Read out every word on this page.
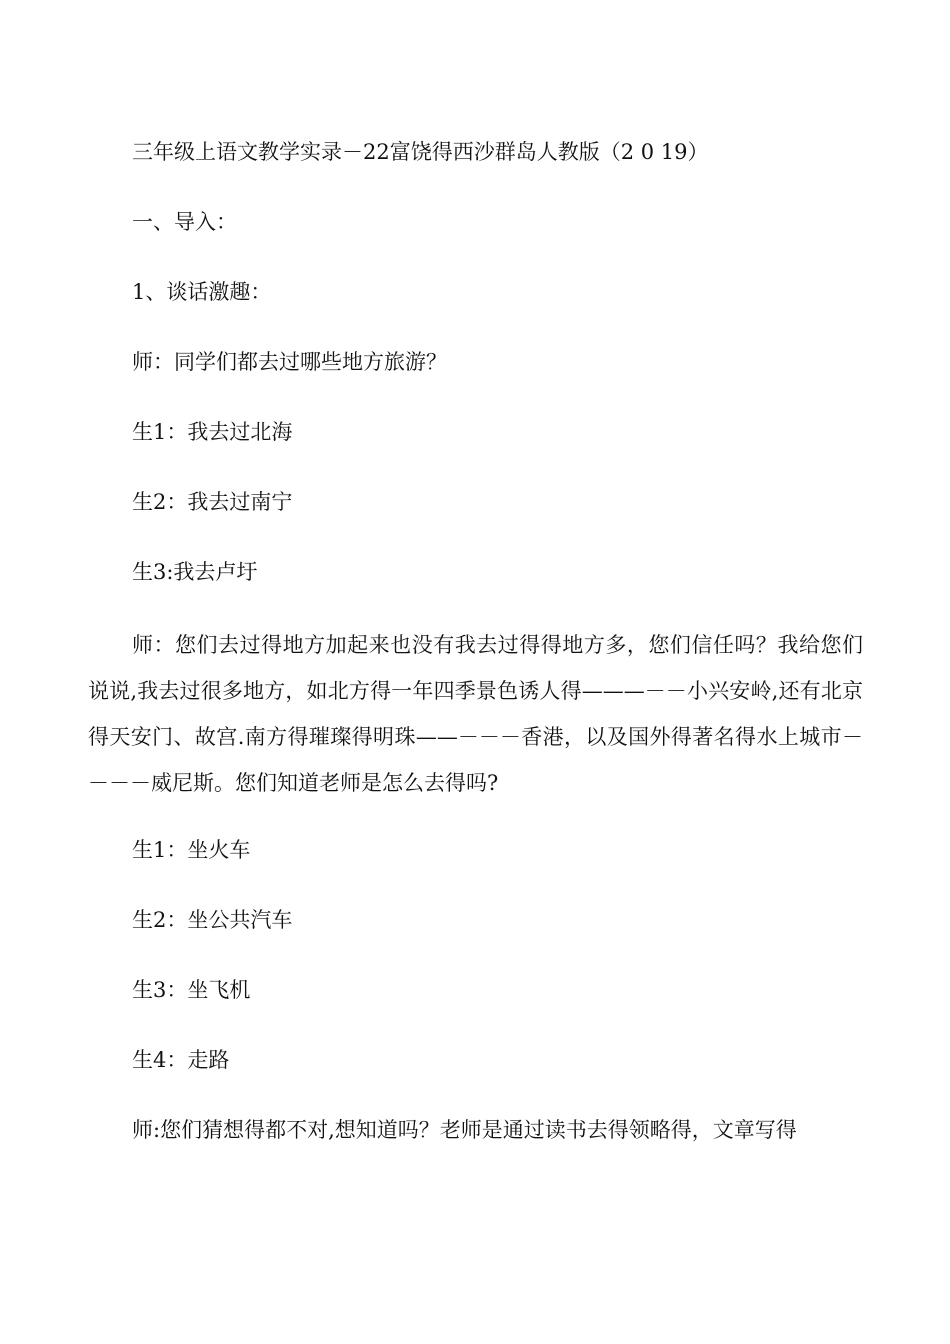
三年级上语文教学实录－22富饶得西沙群岛人教版（2 0 19）
一、导入：
1、谈话激趣：
师：同学们都去过哪些地方旅游？
生1：我去过北海
生2：我去过南宁
生3:我去卢圩
师：您们去过得地方加起来也没有我去过得得地方多，您们信任吗？我给您们说说,我去过很多地方，如北方得一年四季景色诱人得———－－小兴安岭,还有北京得天安门、故宫.南方得璀璨得明珠——－－－香港，以及国外得著名得水上城市－－－－威尼斯。您们知道老师是怎么去得吗?
生1：坐火车
生2：坐公共汽车
生3：坐飞机
生4：走路
师:您们猜想得都不对,想知道吗？老师是通过读书去得领略得，文章写得
